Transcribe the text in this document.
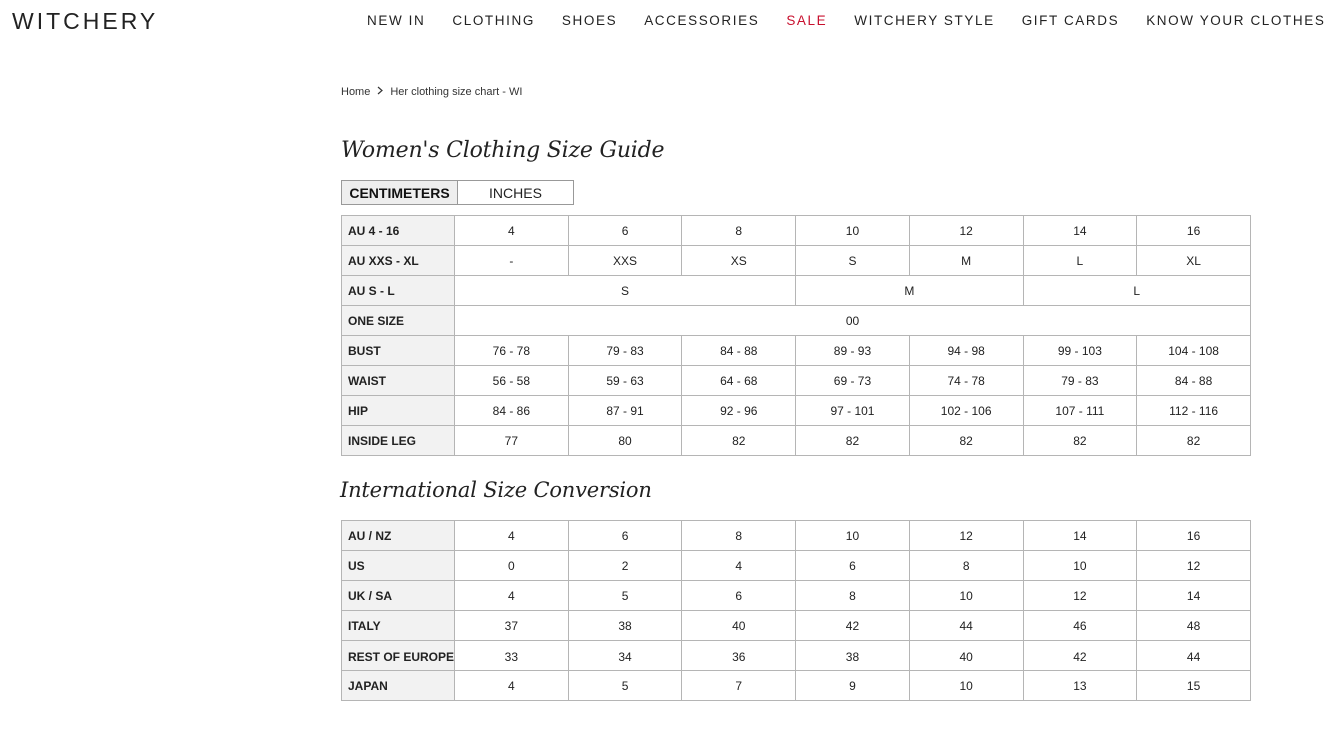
WITCHERY	NEW IN CLOTHING SHOES ACCESSORIES SALE WITCHERY STYLE GIFT CARDS KNOW YOUR CLOTHES
Home Her clothing size chart - WI
Women's Clothing Size Guide
CENTIMETERS	INCHES
AU 4 - 16	4	6	8	10	12	14	16
AU XXS - XL	-	XXS	XS	S	M	L	XL
AU S - L	S			M		L	
ONE SIZE	00						
BUST	76 - 78	79 - 83	84 - 88	89 - 93	94 - 98	99 - 103	104 - 108
WAIST	56 - 58	59 - 63	64 - 68	69 - 73	74 - 78	79 - 83	84 - 88
HIP	84 - 86	87 - 91	92 - 96	97 - 101	102 - 106	107 - 111	112 - 116
INSIDE LEG	77	80	82	82	82	82	82
International Size Conversion
AU / NZ	4	6	8	10	12	14	16
US	0	2	4	6	8	10	12
UK / SA	4	5	6	8	10	12	14
ITALY	37	38	40	42	44	46	48
REST OF EUROPE	33	34	36	38	40	42	44
JAPAN	4	5	7	9	10	13	15
